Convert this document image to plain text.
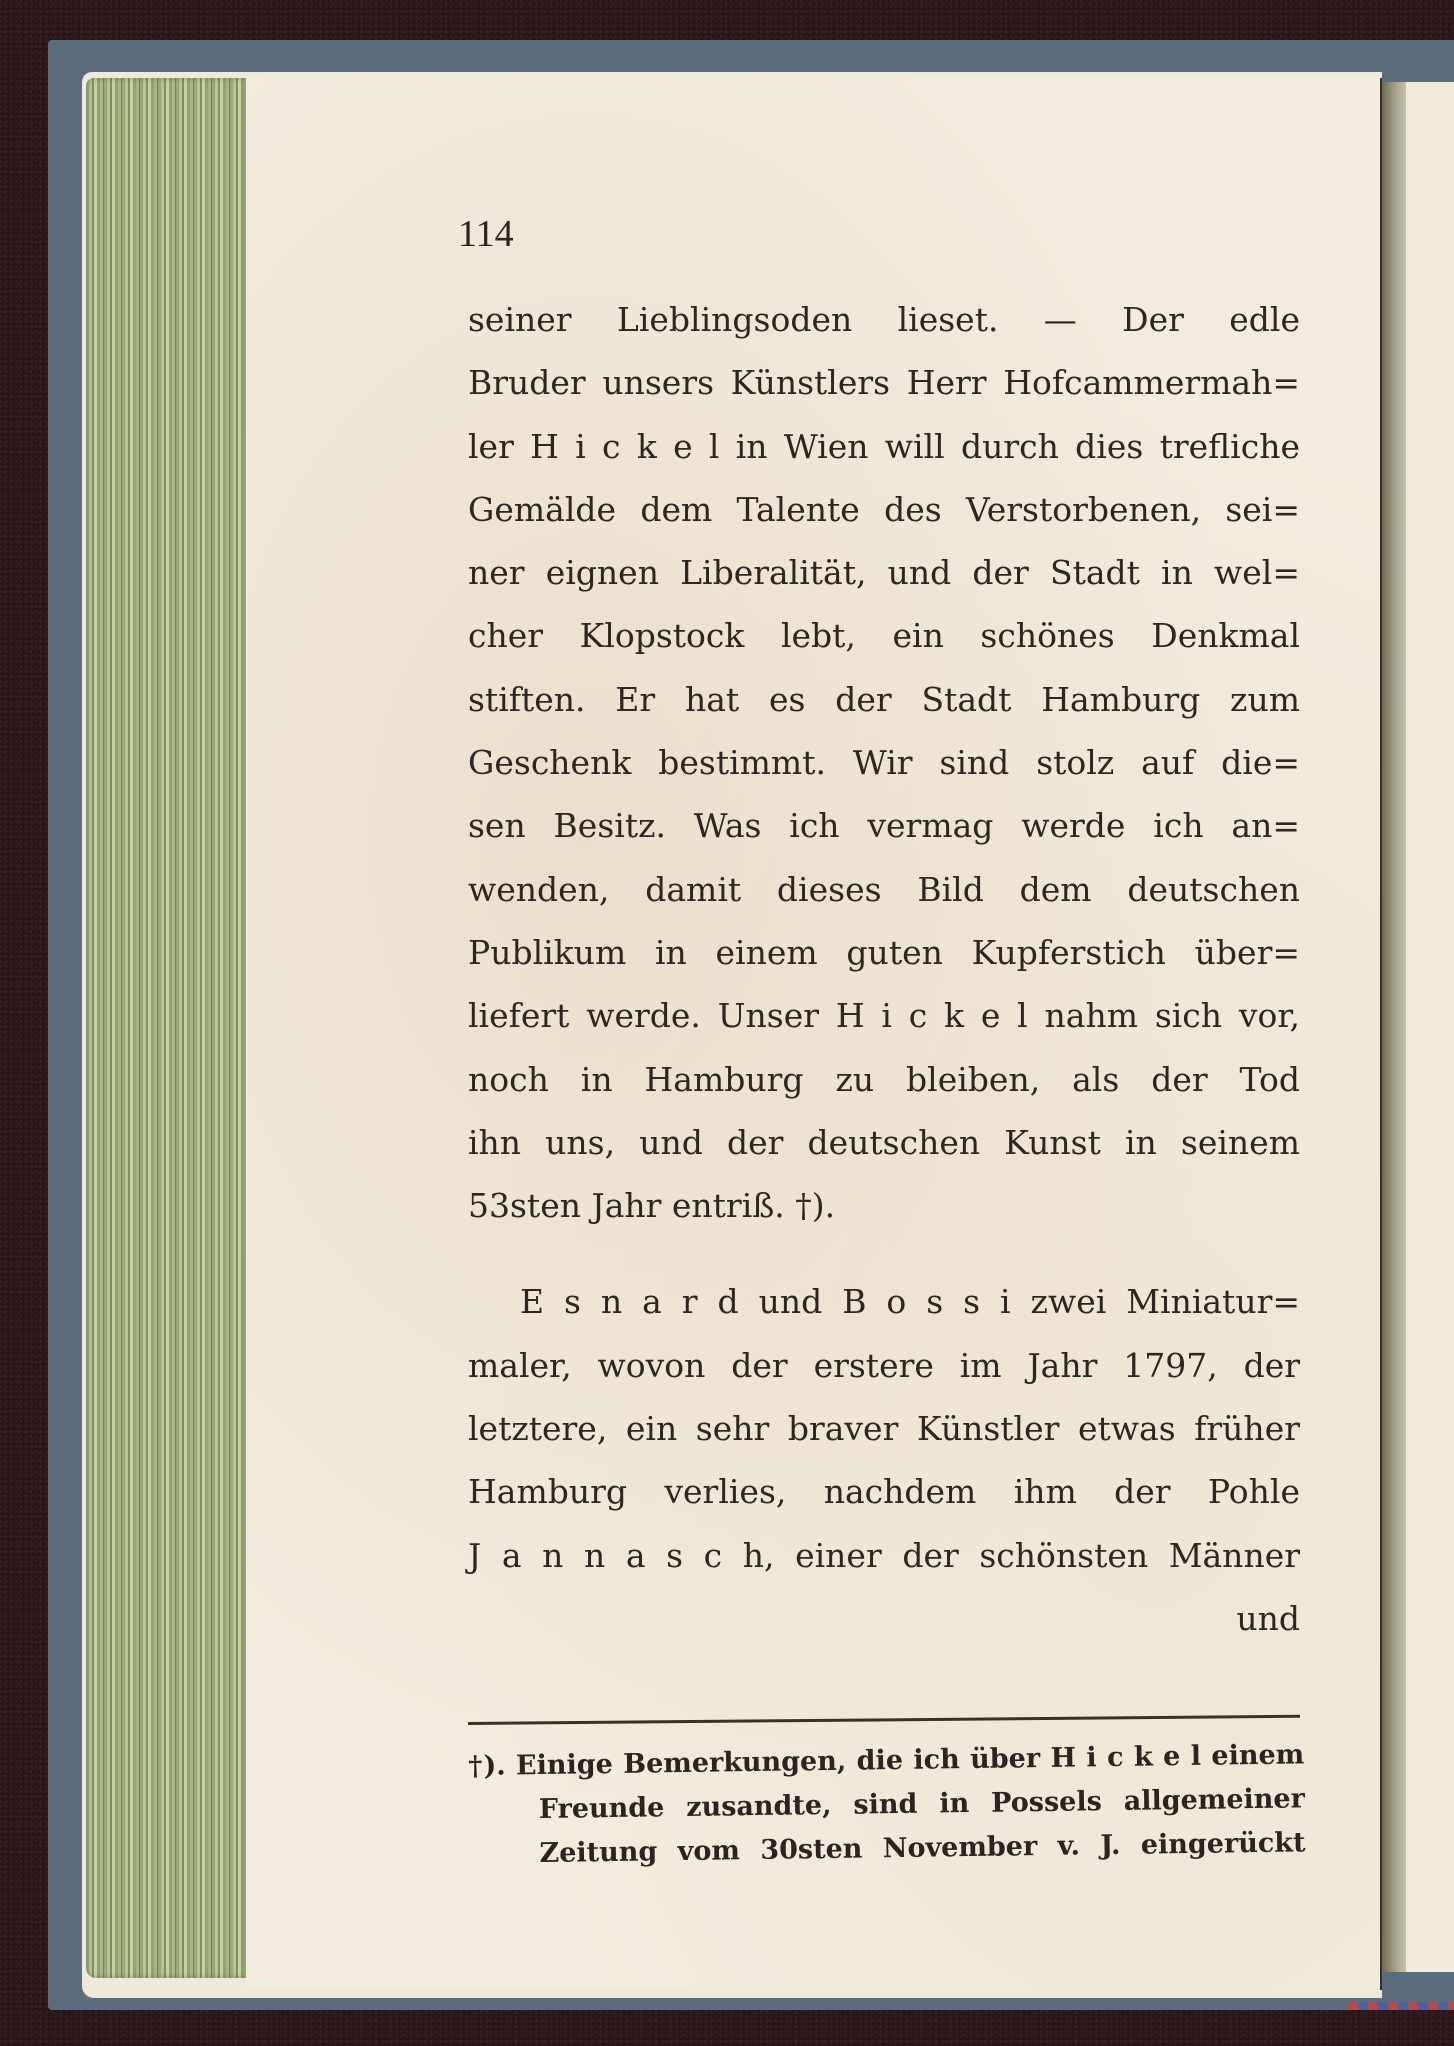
114
seiner Lieblingsoden lieset. — Der edle
Bruder unsers Künstlers Herr Hofcammermah=
ler H i c k e l in Wien will durch dies trefliche
Gemälde dem Talente des Verstorbenen, sei=
ner eignen Liberalität, und der Stadt in wel=
cher Klopstock lebt, ein schönes Denkmal
stiften. Er hat es der Stadt Hamburg zum
Geschenk bestimmt. Wir sind stolz auf die=
sen Besitz. Was ich vermag werde ich an=
wenden, damit dieses Bild dem deutschen
Publikum in einem guten Kupferstich über=
liefert werde. Unser H i c k e l nahm sich vor,
noch in Hamburg zu bleiben, als der Tod
ihn uns, und der deutschen Kunst in seinem
53sten Jahr entriß. †).
E s n a r d und B o s s i zwei Miniatur=
maler, wovon der erstere im Jahr 1797, der
letztere, ein sehr braver Künstler etwas früher
Hamburg verlies, nachdem ihm der Pohle
J a n n a s c h, einer der schönsten Männer
und
†). Einige Bemerkungen, die ich über H i c k e l einem
Freunde zusandte, sind in Possels allgemeiner
Zeitung vom 30sten November v. J. eingerückt
